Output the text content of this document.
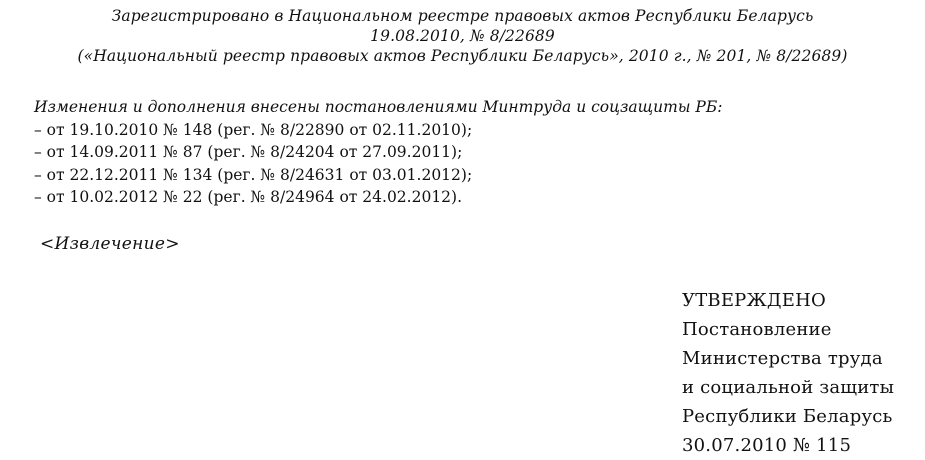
Зарегистрировано в Национальном реестре правовых актов Республики Беларусь
19.08.2010, № 8/22689
(«Национальный реестр правовых актов Республики Беларусь», 2010 г., № 201, № 8/22689)
Изменения и дополнения внесены постановлениями Минтруда и соцзащиты РБ:
– от 19.10.2010 № 148 (рег. № 8/22890 от 02.11.2010);
– от 14.09.2011 № 87 (рег. № 8/24204 от 27.09.2011);
– от 22.12.2011 № 134 (рег. № 8/24631 от 03.01.2012);
– от 10.02.2012 № 22 (рег. № 8/24964 от 24.02.2012).
<Извлечение>
УТВЕРЖДЕНО
Постановление
Министерства труда
и социальной защиты
Республики Беларусь
30.07.2010 № 115
